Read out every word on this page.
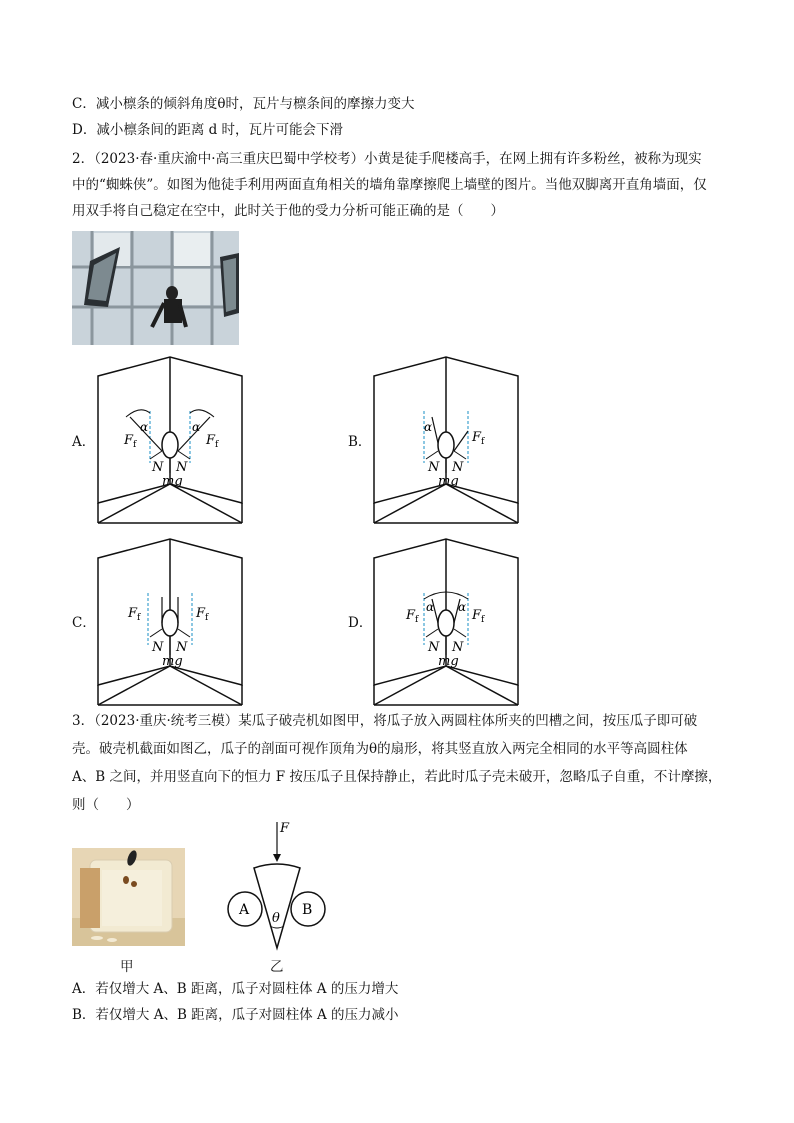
C．减小檩条的倾斜角度θ时，瓦片与檩条间的摩擦力变大
D．减小檩条间的距离 d 时，瓦片可能会下滑
2．（2023·春·重庆渝中·高三重庆巴蜀中学校考）小黄是徒手爬楼高手，在网上拥有许多粉丝，被称为现实
中的“蜘蛛侠”。如图为他徒手利用两面直角相关的墙角靠摩擦爬上墙壁的图片。当他双脚离开直角墙面，仅
用双手将自己稳定在空中，此时关于他的受力分析可能正确的是（　　）
A． F f	F f
α	α
N N
mg
B．
α
F f
N N
mg
C．
F f	F f
N N
mg
D．
α α
F f	F f
N N
mg
3．（2023·重庆·统考三模）某瓜子破壳机如图甲，将瓜子放入两圆柱体所夹的凹槽之间，按压瓜子即可破
壳。破壳机截面如图乙，瓜子的剖面可视作顶角为θ的扇形，将其竖直放入两完全相同的水平等高圆柱体
A、B 之间，并用竖直向下的恒力 F 按压瓜子且保持静止，若此时瓜子壳未破开，忽略瓜子自重，不计摩擦，
则（　　）
甲
F
A	B
θ
乙
A．若仅增大 A、B 距离，瓜子对圆柱体 A 的压力增大
B．若仅增大 A、B 距离，瓜子对圆柱体 A 的压力减小
